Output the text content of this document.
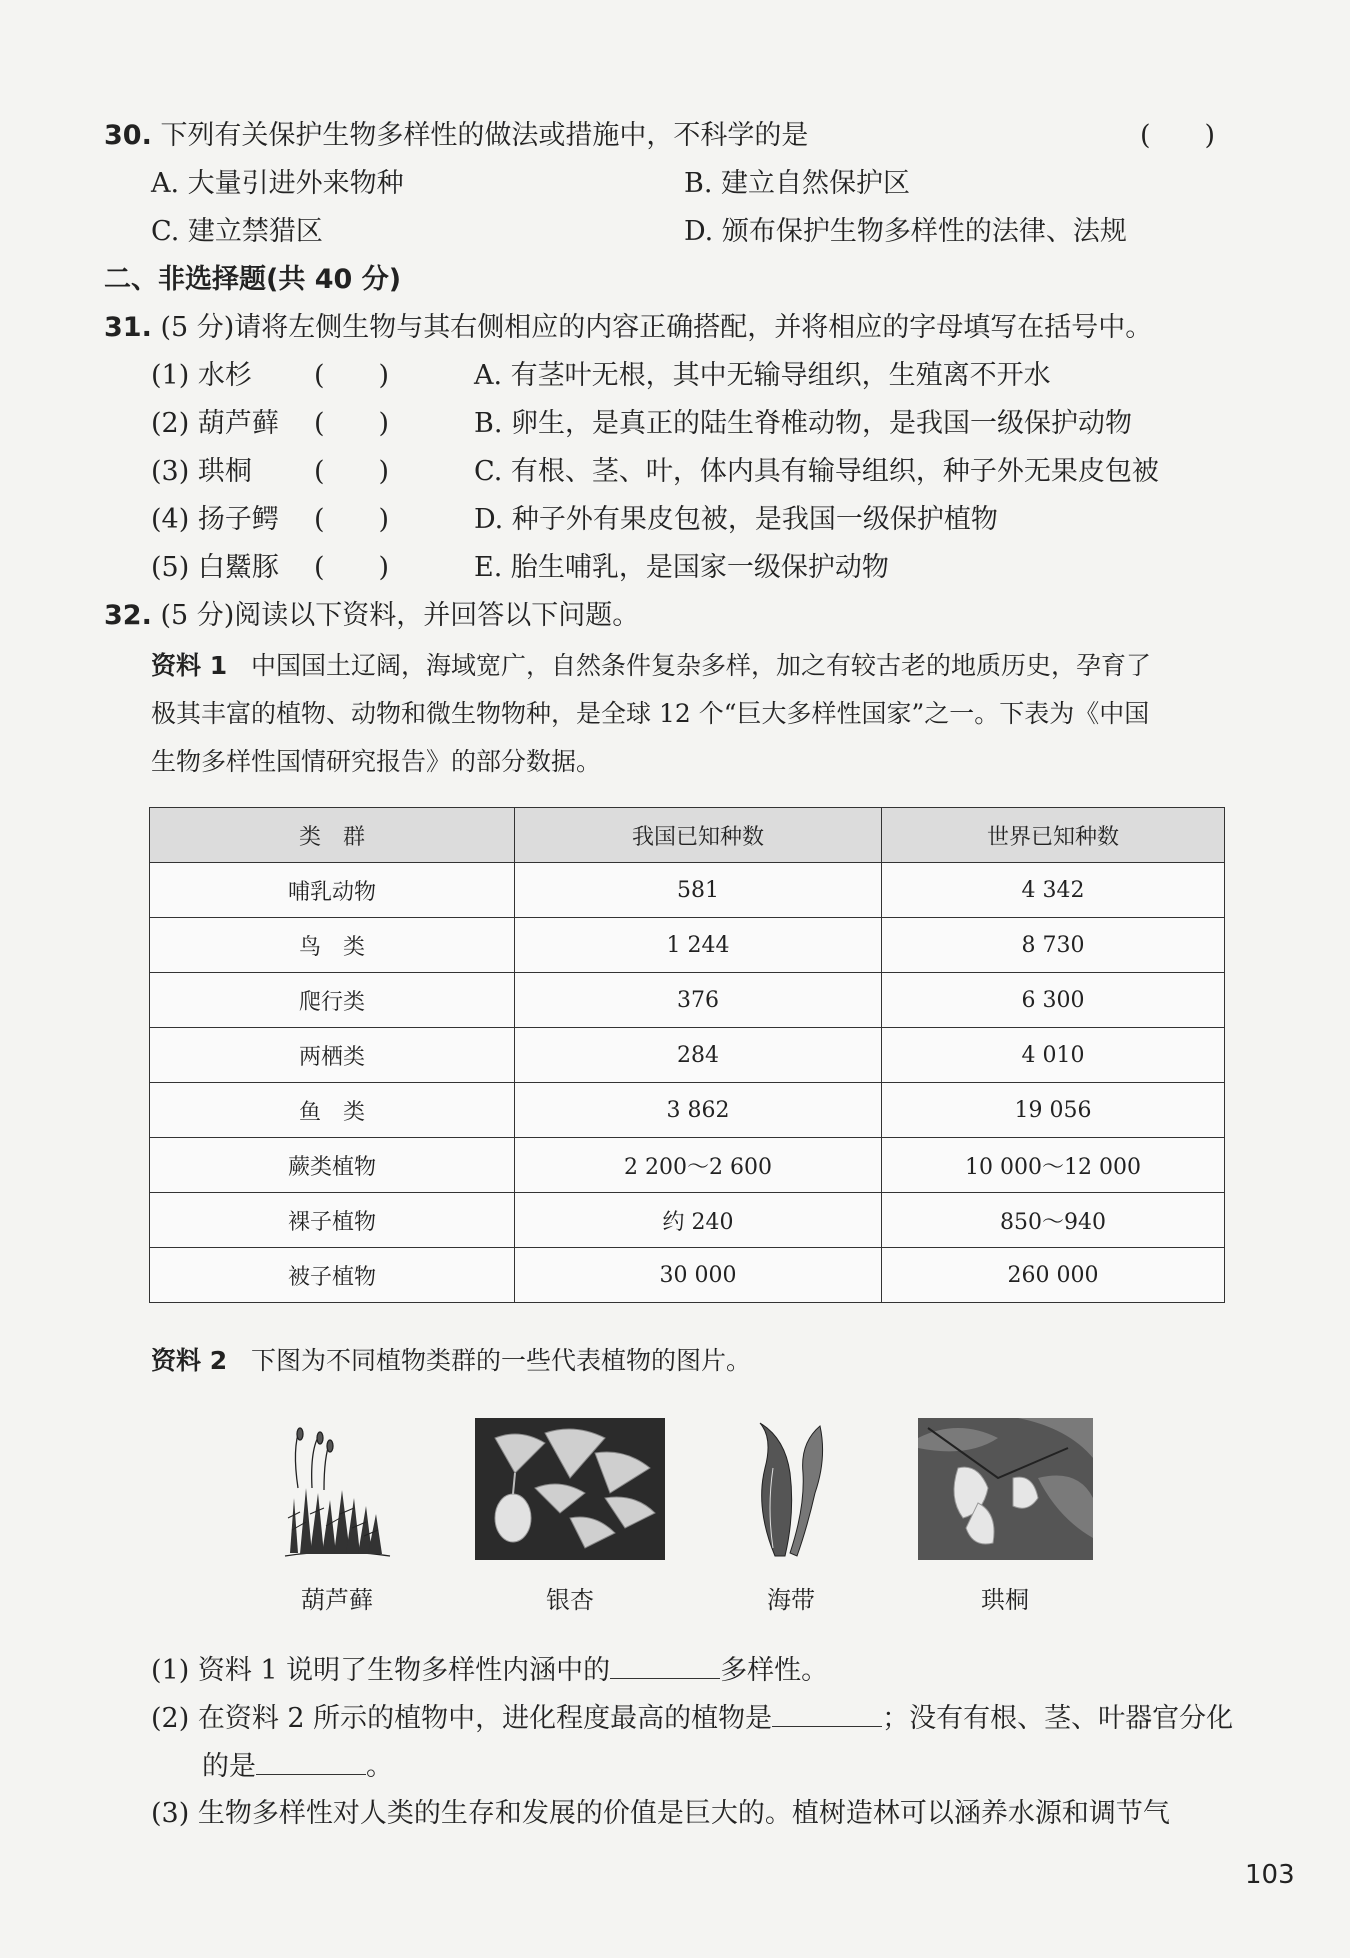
30. 下列有关保护生物多样性的做法或措施中，不科学的是	(　　)
A. 大量引进外来物种	B. 建立自然保护区
C. 建立禁猎区	D. 颁布保护生物多样性的法律、法规
二、非选择题(共 40 分)
31. (5 分)请将左侧生物与其右侧相应的内容正确搭配，并将相应的字母填写在括号中。
(1) 水杉 (　　)	A. 有茎叶无根，其中无输导组织，生殖离不开水
(2) 葫芦藓 (　　)	B. 卵生，是真正的陆生脊椎动物，是我国一级保护动物
(3) 珙桐 (　　)	C. 有根、茎、叶，体内具有输导组织，种子外无果皮包被
(4) 扬子鳄 (　　)	D. 种子外有果皮包被，是我国一级保护植物
(5) 白鱀豚 (　　)	E. 胎生哺乳，是国家一级保护动物
32. (5 分)阅读以下资料，并回答以下问题。
资料 1 中国国土辽阔，海域宽广，自然条件复杂多样，加之有较古老的地质历史，孕育了
极其丰富的植物、动物和微生物物种，是全球 12 个“巨大多样性国家”之一。下表为《中国
生物多样性国情研究报告》的部分数据。
类　群	我国已知种数	世界已知种数
哺乳动物	581	4 342
鸟　类	1 244	8 730
爬行类	376	6 300
两栖类	284	4 010
鱼　类	3 862	19 056
蕨类植物	2 200～2 600	10 000～12 000
裸子植物	约 240	850～940
被子植物	30 000	260 000
资料 2 下图为不同植物类群的一些代表植物的图片。
葫芦藓	银杏	海带	珙桐
(1) 资料 1 说明了生物多样性内涵中的	多样性。
(2) 在资料 2 所示的植物中，进化程度最高的植物是	；没有有根、茎、叶器官分化
的是	。
(3) 生物多样性对人类的生存和发展的价值是巨大的。植树造林可以涵养水源和调节气
103
